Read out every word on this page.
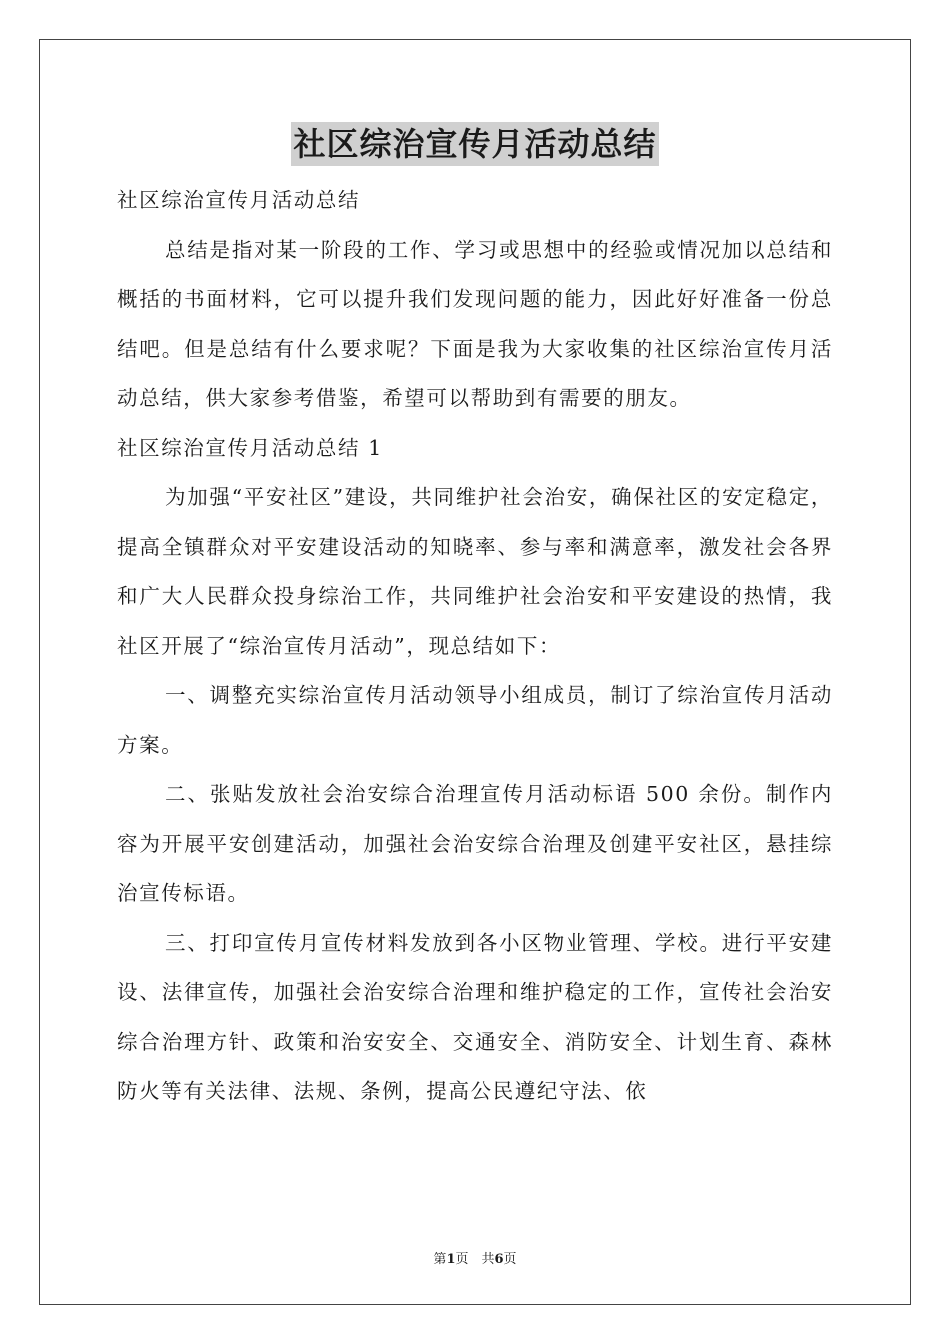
社区综治宣传月活动总结

社区综治宣传月活动总结

总结是指对某一阶段的工作、学习或思想中的经验或情况加以总结和概括的书面材料，它可以提升我们发现问题的能力，因此好好准备一份总结吧。但是总结有什么要求呢？下面是我为大家收集的社区综治宣传月活动总结，供大家参考借鉴，希望可以帮助到有需要的朋友。

社区综治宣传月活动总结 1

为加强“平安社区”建设，共同维护社会治安，确保社区的安定稳定，提高全镇群众对平安建设活动的知晓率、参与率和满意率，激发社会各界和广大人民群众投身综治工作，共同维护社会治安和平安建设的热情，我社区开展了“综治宣传月活动”，现总结如下：

一、调整充实综治宣传月活动领导小组成员，制订了综治宣传月活动方案。

二、张贴发放社会治安综合治理宣传月活动标语 500 余份。制作内容为开展平安创建活动，加强社会治安综合治理及创建平安社区，悬挂综治宣传标语。

三、打印宣传月宣传材料发放到各小区物业管理、学校。进行平安建设、法律宣传，加强社会治安综合治理和维护稳定的工作，宣传社会治安综合治理方针、政策和治安安全、交通安全、消防安全、计划生育、森林防火等有关法律、法规、条例，提高公民遵纪守法、依

第1页　共6页
